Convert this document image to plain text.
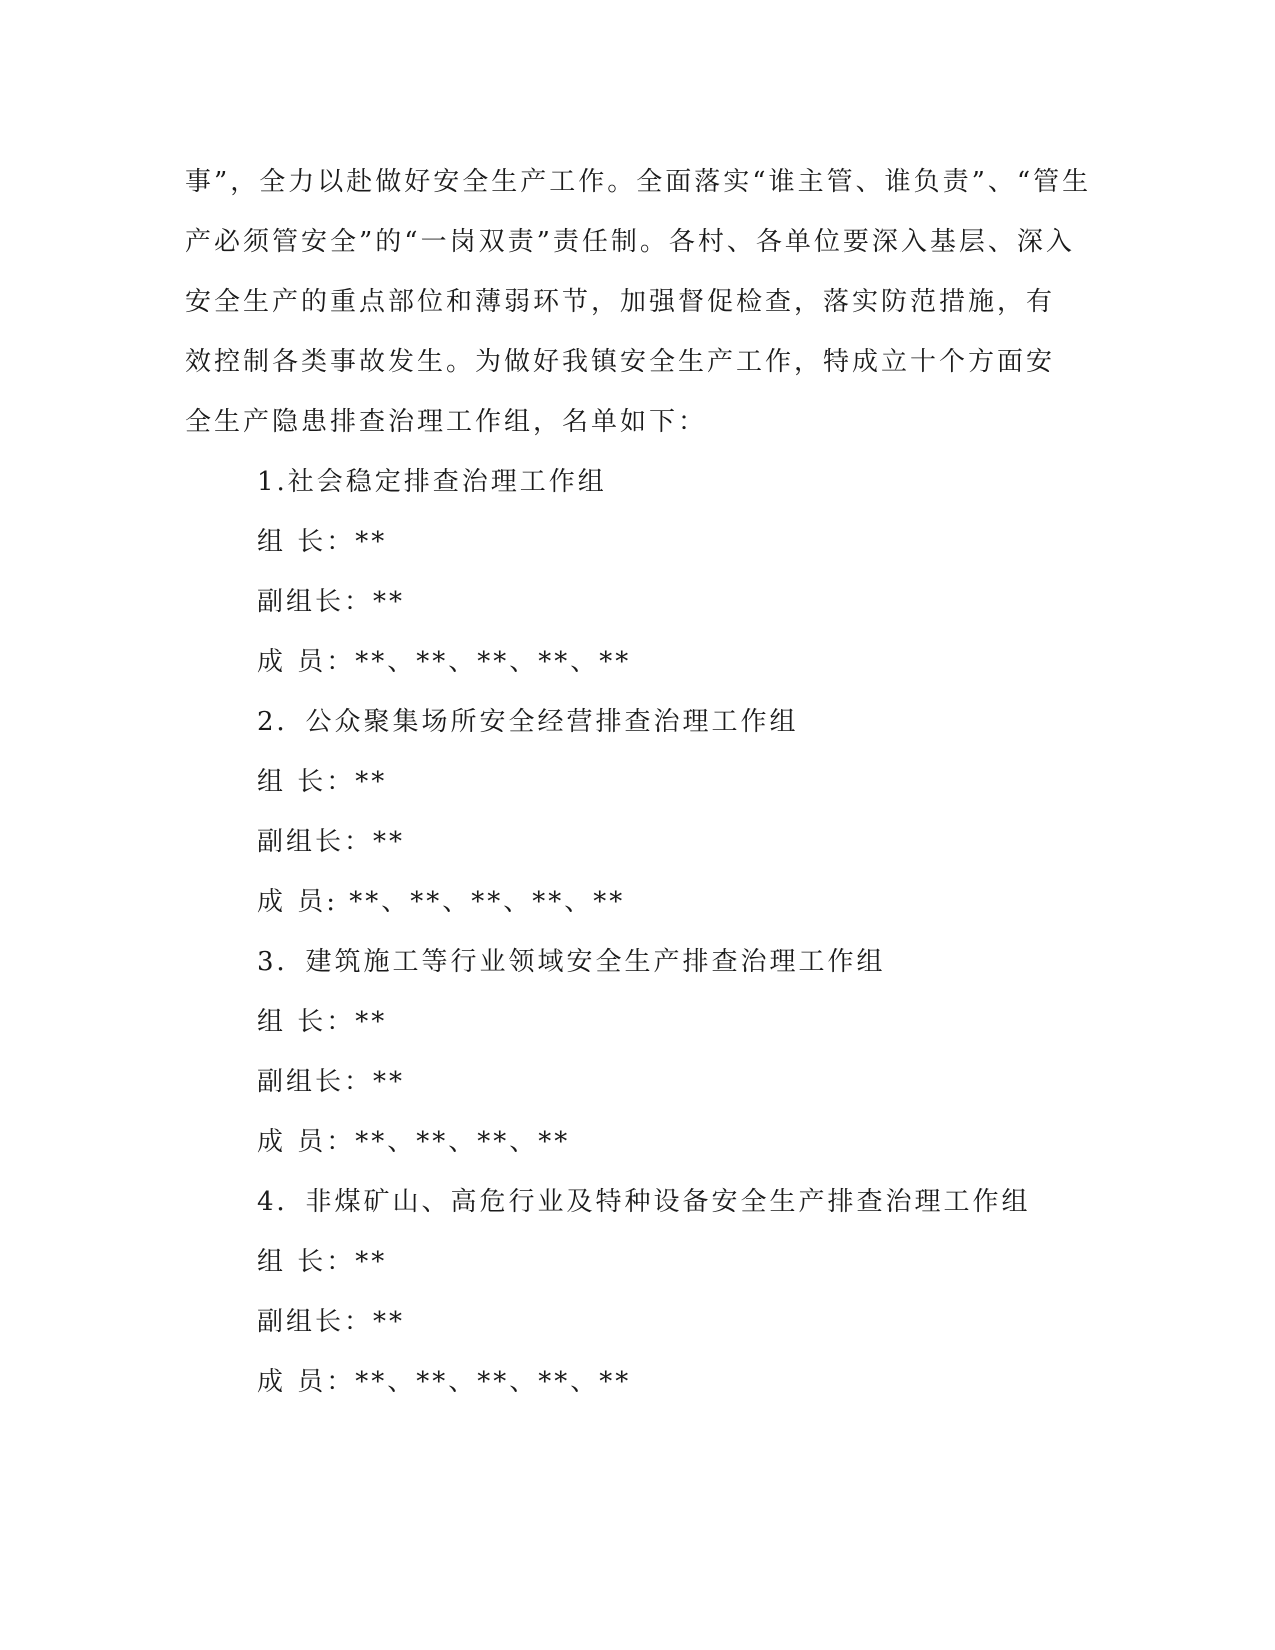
事”，全力以赴做好安全生产工作。全面落实“谁主管、谁负责”、“管生
产必须管安全”的“一岗双责”责任制。各村、各单位要深入基层、深入
安全生产的重点部位和薄弱环节，加强督促检查，落实防范措施，有
效控制各类事故发生。为做好我镇安全生产工作，特成立十个方面安
全生产隐患排查治理工作组，名单如下：
1.社会稳定排查治理工作组
组 长：**
副组长：**
成 员：**、**、**、**、**
2．公众聚集场所安全经营排查治理工作组
组 长：**
副组长：**
成 员: **、**、**、**、**
3．建筑施工等行业领域安全生产排查治理工作组
组 长：**
副组长：**
成 员：**、**、**、**
4．非煤矿山、高危行业及特种设备安全生产排查治理工作组
组 长：**
副组长：**
成 员：**、**、**、**、**
